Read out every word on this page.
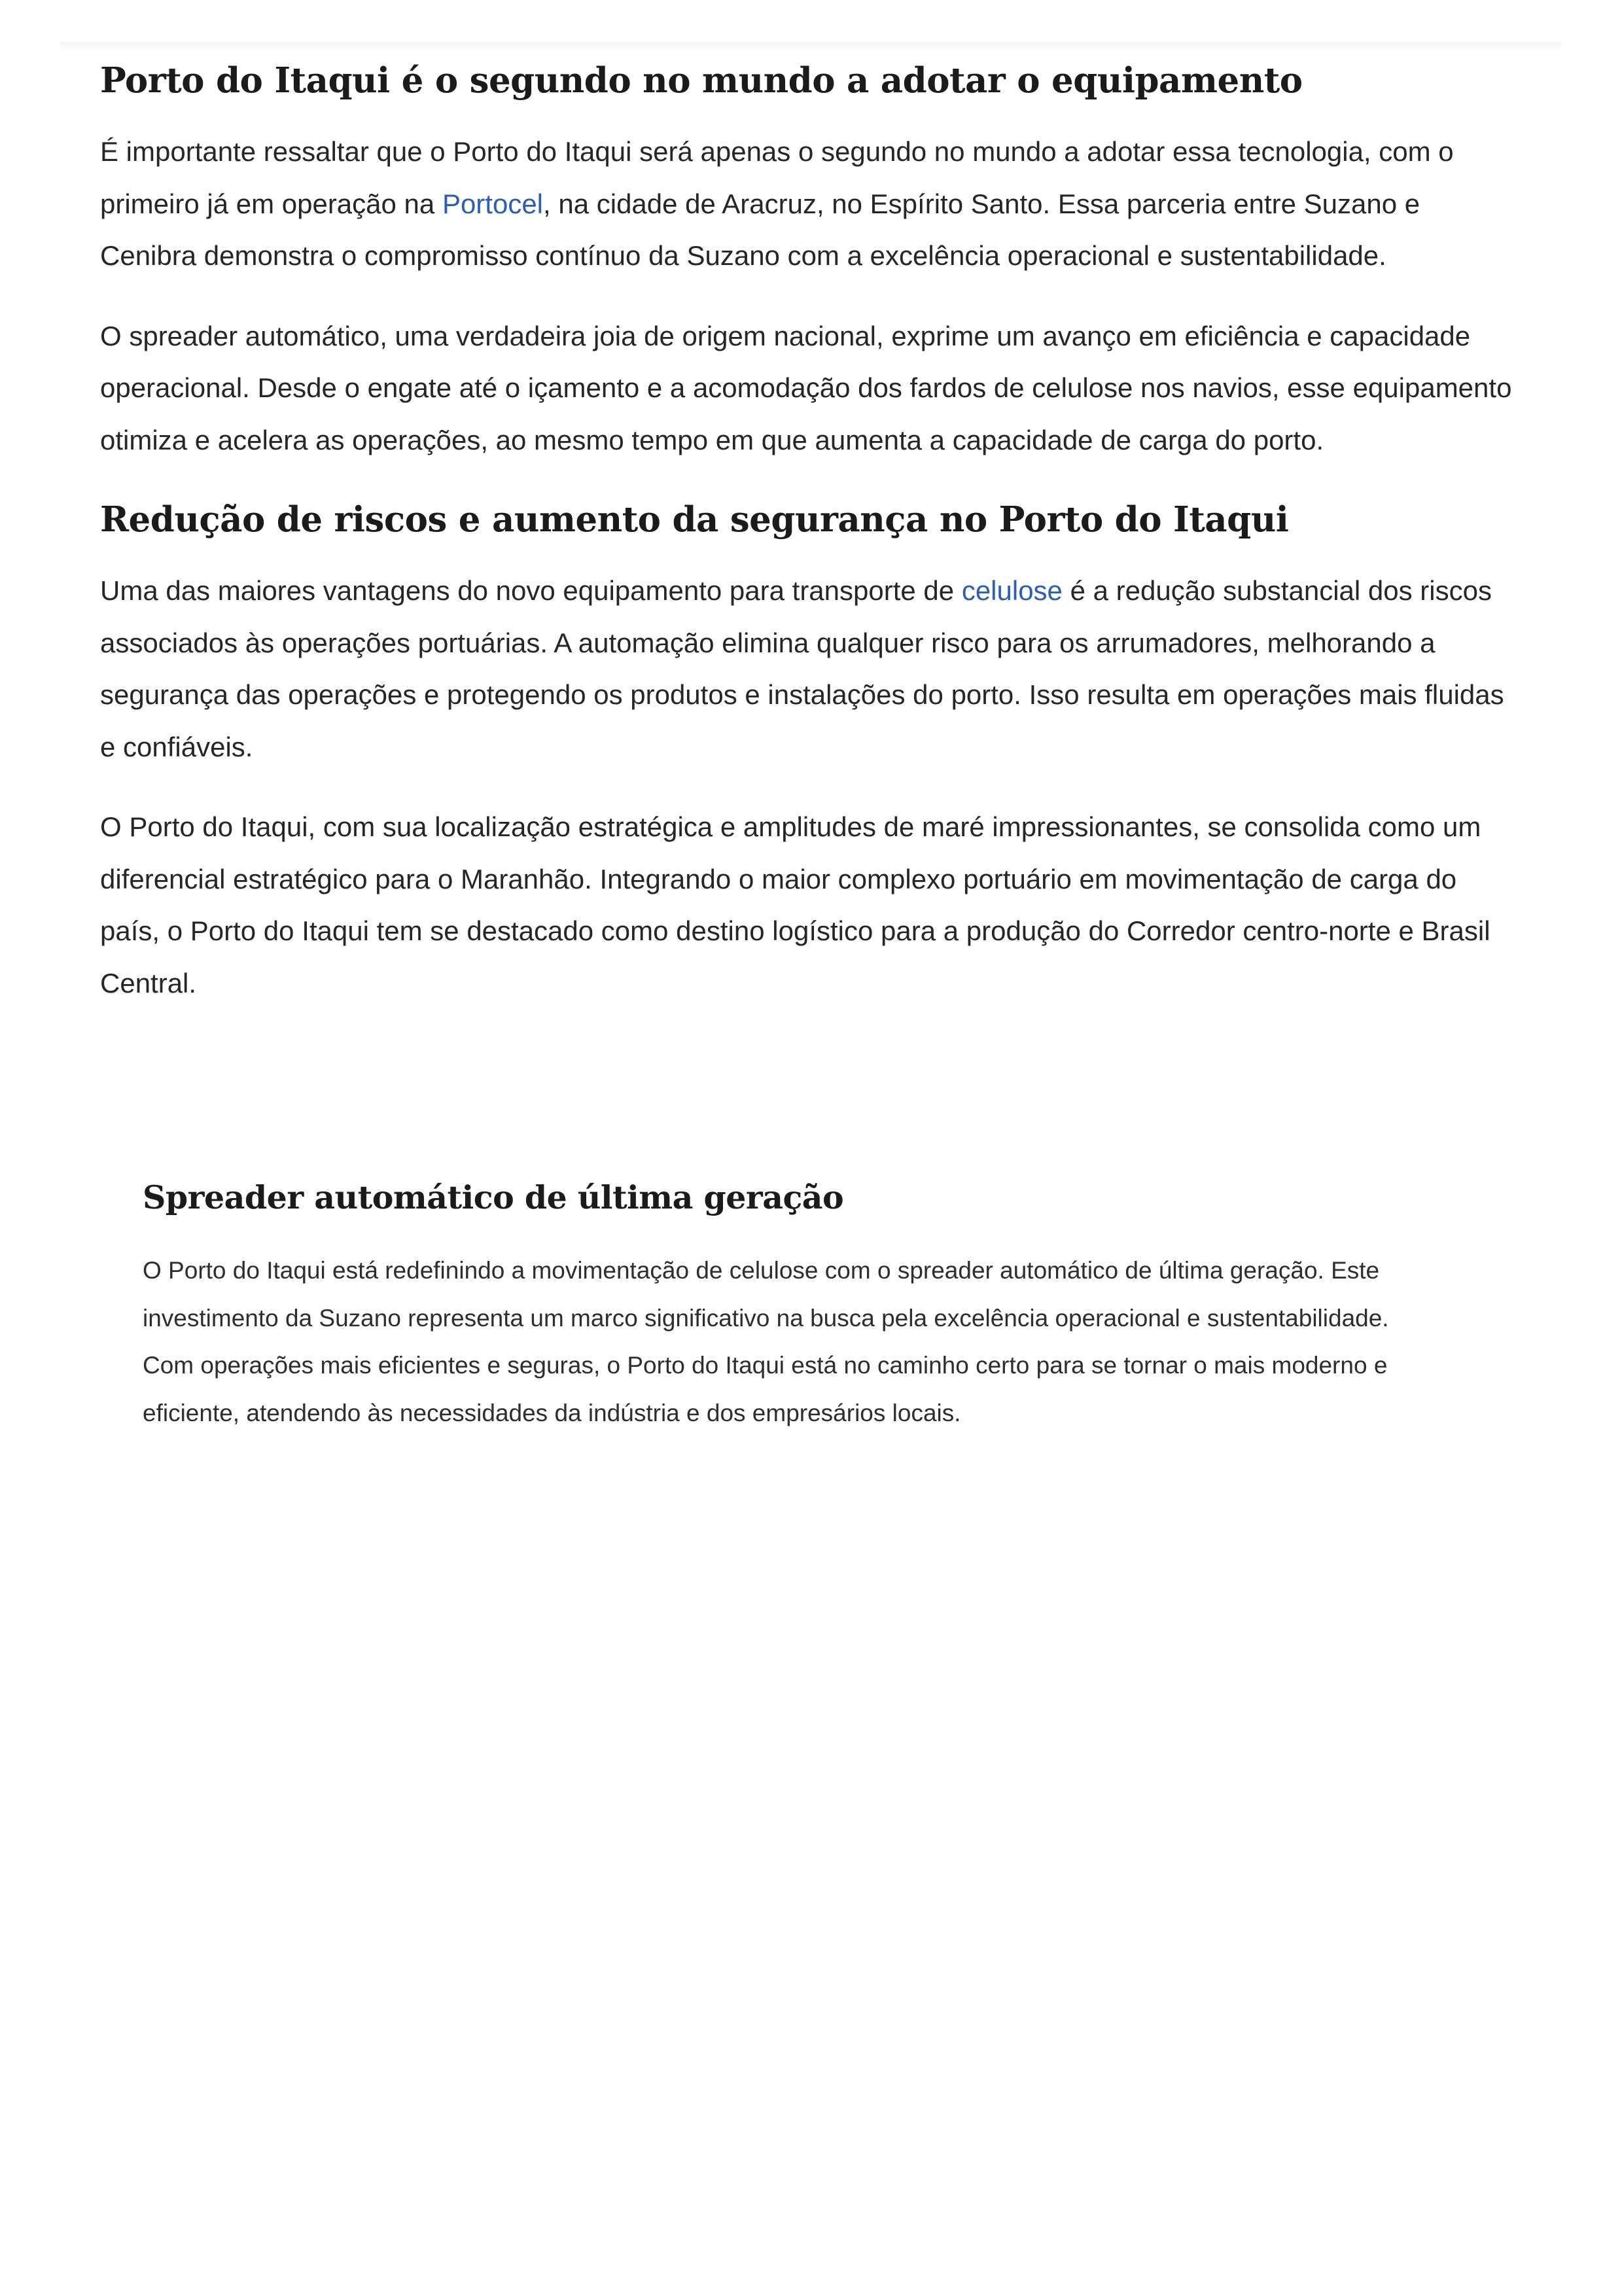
Porto do Itaqui é o segundo no mundo a adotar o equipamento

É importante ressaltar que o Porto do Itaqui será apenas o segundo no mundo a adotar essa tecnologia, com o primeiro já em operação na Portocel, na cidade de Aracruz, no Espírito Santo. Essa parceria entre Suzano e Cenibra demonstra o compromisso contínuo da Suzano com a excelência operacional e sustentabilidade.

O spreader automático, uma verdadeira joia de origem nacional, exprime um avanço em eficiência e capacidade operacional. Desde o engate até o içamento e a acomodação dos fardos de celulose nos navios, esse equipamento otimiza e acelera as operações, ao mesmo tempo em que aumenta a capacidade de carga do porto.

Redução de riscos e aumento da segurança no Porto do Itaqui

Uma das maiores vantagens do novo equipamento para transporte de celulose é a redução substancial dos riscos associados às operações portuárias. A automação elimina qualquer risco para os arrumadores, melhorando a segurança das operações e protegendo os produtos e instalações do porto. Isso resulta em operações mais fluidas e confiáveis.

O Porto do Itaqui, com sua localização estratégica e amplitudes de maré impressionantes, se consolida como um diferencial estratégico para o Maranhão. Integrando o maior complexo portuário em movimentação de carga do país, o Porto do Itaqui tem se destacado como destino logístico para a produção do Corredor centro-norte e Brasil Central.

Spreader automático de última geração

O Porto do Itaqui está redefinindo a movimentação de celulose com o spreader automático de última geração. Este investimento da Suzano representa um marco significativo na busca pela excelência operacional e sustentabilidade. Com operações mais eficientes e seguras, o Porto do Itaqui está no caminho certo para se tornar o mais moderno e eficiente, atendendo às necessidades da indústria e dos empresários locais.
